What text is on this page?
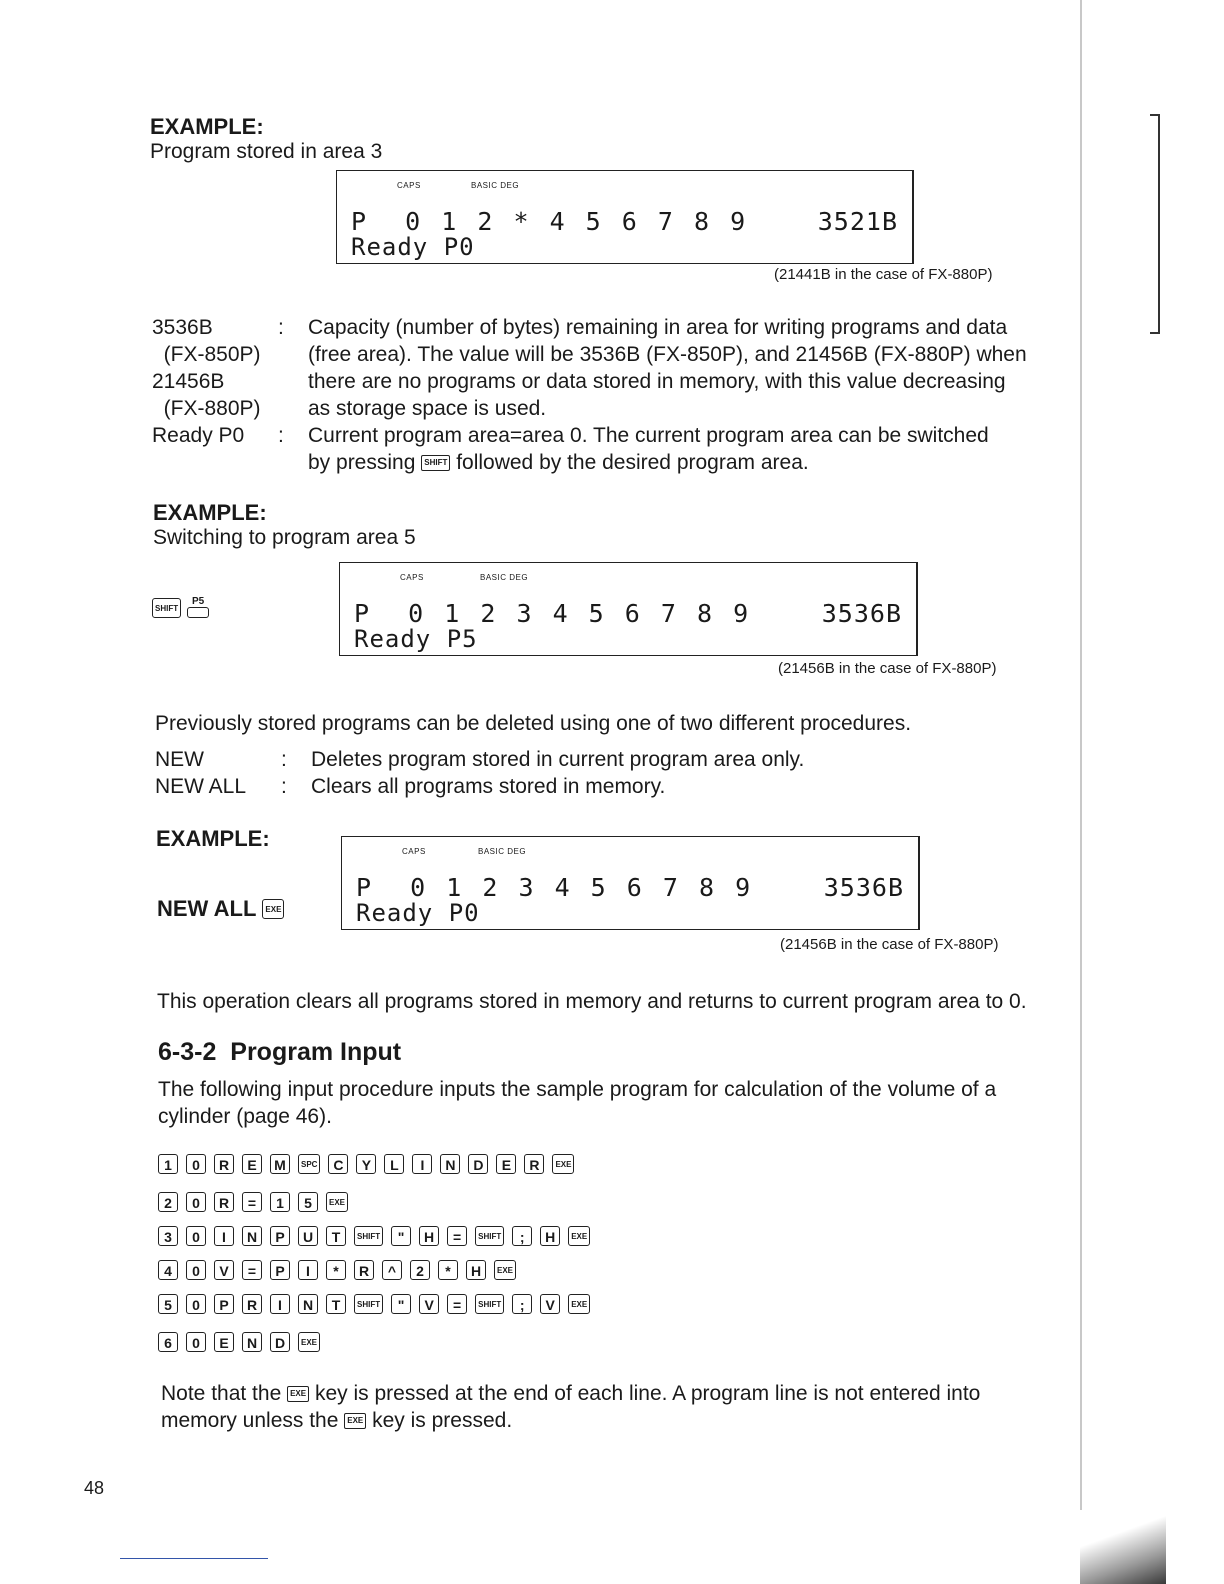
EXAMPLE:
Program stored in area 3
CAPS	BASIC DEG
P  0 1 2 * 4 5 6 7 8 9	3521B
Ready P0
(21441B in the case of FX-880P)
3536B	:	Capacity (number of bytes) remaining in area for writing programs and data
(FX-850P)	(free area). The value will be 3536B (FX-850P), and 21456B (FX-880P) when
21456B	there are no programs or data stored in memory, with this value decreasing
(FX-880P)	as storage space is used.
Ready P0	:	Current program area=area 0. The current program area can be switched
by pressing SHIFT followed by the desired program area.
EXAMPLE:
Switching to program area 5
SHIFT
P5
CAPS	BASIC DEG
P  0 1 2 3 4 5 6 7 8 9	3536B
Ready P5
(21456B in the case of FX-880P)
Previously stored programs can be deleted using one of two different procedures.
NEW	:	Deletes program stored in current program area only.
NEW ALL	:	Clears all programs stored in memory.
EXAMPLE:
NEW ALL	EXE
CAPS	BASIC DEG
P  0 1 2 3 4 5 6 7 8 9	3536B
Ready P0
(21456B in the case of FX-880P)
This operation clears all programs stored in memory and returns to current program area to 0.
6-3-2 Program Input
The following input procedure inputs the sample program for calculation of the volume of a cylinder (page 46).
1	0	R	E	M	SPC	C	Y	L	I	N	D	E	R	EXE
2	0	R	=	1	5	EXE
3	0	I	N	P	U	T	SHIFT	"	H	=	SHIFT	;	H	EXE
4	0	V	=	P	I	*	R	^	2	*	H	EXE
5	0	P	R	I	N	T	SHIFT	"	V	=	SHIFT	;	V	EXE
6	0	E	N	D	EXE
Note that the EXE key is pressed at the end of each line. A program line is not entered into memory unless the EXE key is pressed.
48
